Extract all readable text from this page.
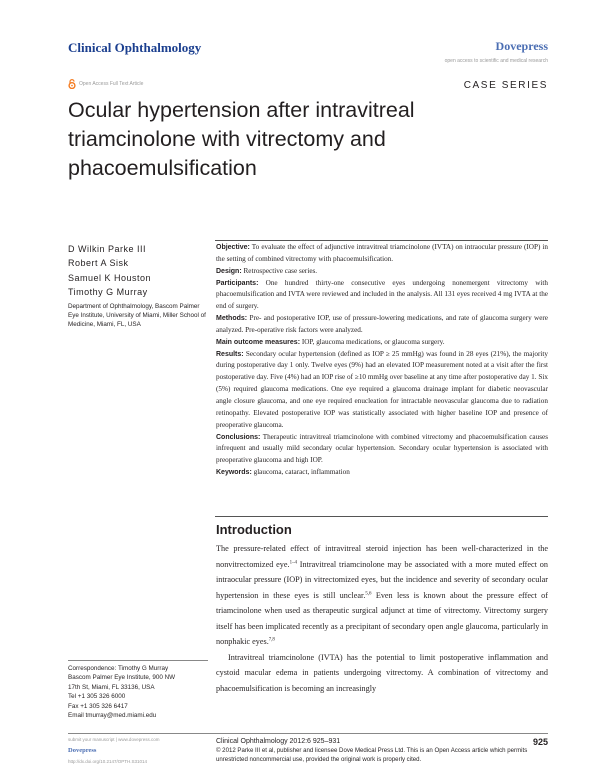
Clinical Ophthalmology	Dovepress
open access to scientific and medical research
Open Access Full Text Article	CASE SERIES
Ocular hypertension after intravitreal triamcinolone with vitrectomy and phacoemulsification
D Wilkin Parke III
Robert A Sisk
Samuel K Houston
Timothy G Murray
Department of Ophthalmology, Bascom Palmer Eye Institute, University of Miami, Miller School of Medicine, Miami, FL, USA

Objective: To evaluate the effect of adjunctive intravitreal triamcinolone (IVTA) on intraocular pressure (IOP) in the setting of combined vitrectomy with phacoemulsification.

Design: Retrospective case series.

Participants: One hundred thirty-one consecutive eyes undergoing nonemergent vitrectomy with phacoemulsification and IVTA were reviewed and included in the analysis. All 131 eyes received 4 mg IVTA at the end of surgery.

Methods: Pre- and postoperative IOP, use of pressure-lowering medications, and rate of glaucoma surgery were analyzed. Pre-operative risk factors were analyzed.

Main outcome measures: IOP, glaucoma medications, or glaucoma surgery.

Results: Secondary ocular hypertension (defined as IOP ≥ 25 mmHg) was found in 28 eyes (21%), the majority during postoperative day 1 only. Twelve eyes (9%) had an elevated IOP measurement noted at a visit after the first postoperative day. Five (4%) had an IOP rise of ≥10 mmHg over baseline at any time after postoperative day 1. Six (5%) required glaucoma medications. One eye required a glaucoma drainage implant for diabetic neovascular angle closure glaucoma, and one eye required enucleation for intractable neovascular glaucoma due to radiation retinopathy. Elevated postoperative IOP was statistically associated with higher baseline IOP and presence of preoperative glaucoma.

Conclusions: Therapeutic intravitreal triamcinolone with combined vitrectomy and phacoemulsification causes infrequent and usually mild secondary ocular hypertension. Secondary ocular hypertension is associated with preoperative glaucoma and high IOP.

Keywords: glaucoma, cataract, inflammation

Introduction

The pressure-related effect of intravitreal steroid injection has been well-characterized in the nonvitrectomized eye.$^{1-4}$ Intravitreal triamcinolone may be associated with a more muted effect on intraocular pressure (IOP) in vitrectomized eyes, but the incidence and severity of secondary ocular hypertension in these eyes is still unclear.$^{5,6}$ Even less is known about the pressure effect of triamcinolone when used as therapeutic surgical adjunct at time of vitrectomy. Vitrectomy surgery itself has been implicated recently as a precipitant of secondary open angle glaucoma, particularly in nonphakic eyes.$^{7,8}$

Intravitreal triamcinolone (IVTA) has the potential to limit postoperative inflammation and cystoid macular edema in patients undergoing vitrectomy. A combination of vitrectomy and phacoemulsification is becoming an increasingly

Correspondence: Timothy G Murray
Bascom Palmer Eye Institute, 900 NW
17th St, Miami, FL 33136, USA
Tel +1 305 326 6000
Fax +1 305 326 6417
Email tmurray@med.miami.edu
submit your manuscript | www.dovepress.com
Dovepress
http://dx.doi.org/10.2147/OPTH.S31014
Clinical Ophthalmology 2012:6 925–931
© 2012 Parke III et al, publisher and licensee Dove Medical Press Ltd. This is an Open Access article which permits unrestricted noncommercial use, provided the original work is properly cited.
925
